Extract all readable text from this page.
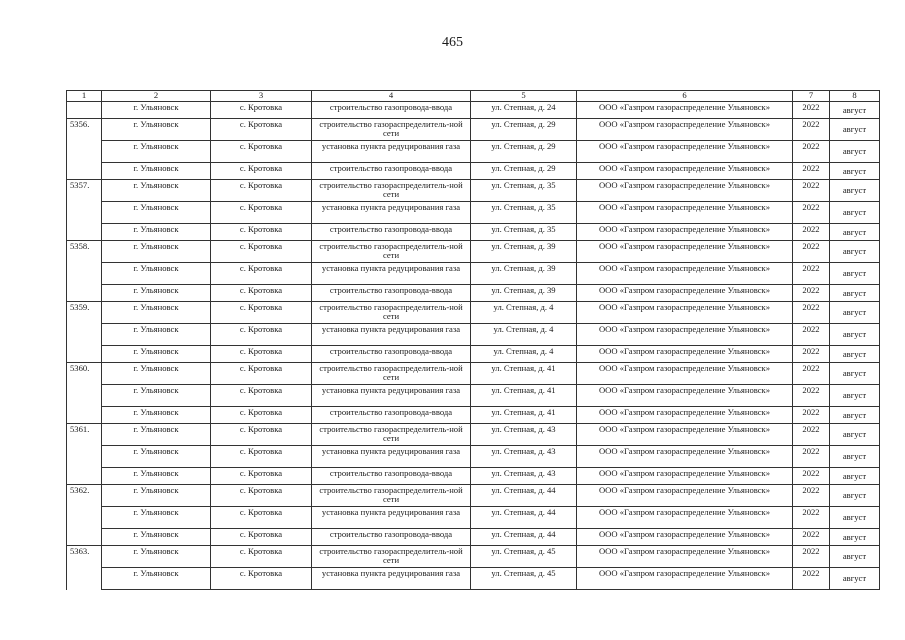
465
1	2	3	4	5	6	7	8
	г. Ульяновск	с. Кротовка	строительство газопровода-ввода	ул. Степная, д. 24	ООО «Газпром газораспределение Ульяновск»	2022	август
5356.	г. Ульяновск	с. Кротовка	строительство газораспределитель-ной сети	ул. Степная, д. 29	ООО «Газпром газораспределение Ульяновск»	2022	август
	г. Ульяновск	с. Кротовка	установка пункта редуцирования газа	ул. Степная, д. 29	ООО «Газпром газораспределение Ульяновск»	2022	август
	г. Ульяновск	с. Кротовка	строительство газопровода-ввода	ул. Степная, д. 29	ООО «Газпром газораспределение Ульяновск»	2022	август
5357.	г. Ульяновск	с. Кротовка	строительство газораспределитель-ной сети	ул. Степная, д. 35	ООО «Газпром газораспределение Ульяновск»	2022	август
	г. Ульяновск	с. Кротовка	установка пункта редуцирования газа	ул. Степная, д. 35	ООО «Газпром газораспределение Ульяновск»	2022	август
	г. Ульяновск	с. Кротовка	строительство газопровода-ввода	ул. Степная, д. 35	ООО «Газпром газораспределение Ульяновск»	2022	август
5358.	г. Ульяновск	с. Кротовка	строительство газораспределитель-ной сети	ул. Степная, д. 39	ООО «Газпром газораспределение Ульяновск»	2022	август
	г. Ульяновск	с. Кротовка	установка пункта редуцирования газа	ул. Степная, д. 39	ООО «Газпром газораспределение Ульяновск»	2022	август
	г. Ульяновск	с. Кротовка	строительство газопровода-ввода	ул. Степная, д. 39	ООО «Газпром газораспределение Ульяновск»	2022	август
5359.	г. Ульяновск	с. Кротовка	строительство газораспределитель-ной сети	ул. Степная, д. 4	ООО «Газпром газораспределение Ульяновск»	2022	август
	г. Ульяновск	с. Кротовка	установка пункта редуцирования газа	ул. Степная, д. 4	ООО «Газпром газораспределение Ульяновск»	2022	август
	г. Ульяновск	с. Кротовка	строительство газопровода-ввода	ул. Степная, д. 4	ООО «Газпром газораспределение Ульяновск»	2022	август
5360.	г. Ульяновск	с. Кротовка	строительство газораспределитель-ной сети	ул. Степная, д. 41	ООО «Газпром газораспределение Ульяновск»	2022	август
	г. Ульяновск	с. Кротовка	установка пункта редуцирования газа	ул. Степная, д. 41	ООО «Газпром газораспределение Ульяновск»	2022	август
	г. Ульяновск	с. Кротовка	строительство газопровода-ввода	ул. Степная, д. 41	ООО «Газпром газораспределение Ульяновск»	2022	август
5361.	г. Ульяновск	с. Кротовка	строительство газораспределитель-ной сети	ул. Степная, д. 43	ООО «Газпром газораспределение Ульяновск»	2022	август
	г. Ульяновск	с. Кротовка	установка пункта редуцирования газа	ул. Степная, д. 43	ООО «Газпром газораспределение Ульяновск»	2022	август
	г. Ульяновск	с. Кротовка	строительство газопровода-ввода	ул. Степная, д. 43	ООО «Газпром газораспределение Ульяновск»	2022	август
5362.	г. Ульяновск	с. Кротовка	строительство газораспределитель-ной сети	ул. Степная, д. 44	ООО «Газпром газораспределение Ульяновск»	2022	август
	г. Ульяновск	с. Кротовка	установка пункта редуцирования газа	ул. Степная, д. 44	ООО «Газпром газораспределение Ульяновск»	2022	август
	г. Ульяновск	с. Кротовка	строительство газопровода-ввода	ул. Степная, д. 44	ООО «Газпром газораспределение Ульяновск»	2022	август
5363.	г. Ульяновск	с. Кротовка	строительство газораспределитель-ной сети	ул. Степная, д. 45	ООО «Газпром газораспределение Ульяновск»	2022	август
	г. Ульяновск	с. Кротовка	установка пункта редуцирования газа	ул. Степная, д. 45	ООО «Газпром газораспределение Ульяновск»	2022	август
